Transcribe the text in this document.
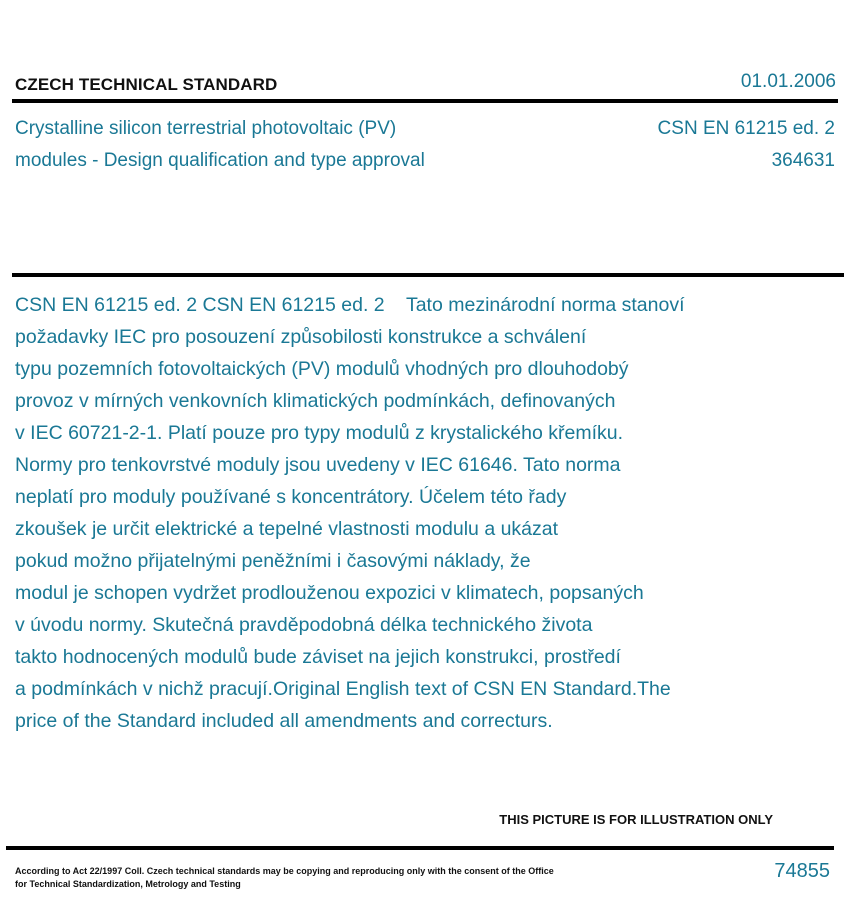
CZECH TECHNICAL STANDARD	01.01.2006
Crystalline silicon terrestrial photovoltaic (PV)
modules - Design qualification and type approval
CSN EN 61215 ed. 2
364631
CSN EN 61215 ed. 2 CSN EN 61215 ed. 2    Tato mezinárodní norma stanoví
požadavky IEC pro posouzení způsobilosti konstrukce a schválení
typu pozemních fotovoltaických (PV) modulů vhodných pro dlouhodobý
provoz v mírných venkovních klimatických podmínkách, definovaných
v IEC 60721-2-1. Platí pouze pro typy modulů z krystalického křemíku.
Normy pro tenkovrstvé moduly jsou uvedeny v IEC 61646. Tato norma
neplatí pro moduly používané s koncentrátory. Účelem této řady
zkoušek je určit elektrické a tepelné vlastnosti modulu a ukázat
pokud možno přijatelnými peněžními i časovými náklady, že
modul je schopen vydržet prodlouženou expozici v klimatech, popsaných
v úvodu normy. Skutečná pravděpodobná délka technického života
takto hodnocených modulů bude záviset na jejich konstrukci, prostředí
a podmínkách v nichž pracují.Original English text of CSN EN Standard.The
price of the Standard included all amendments and correcturs.
THIS PICTURE IS FOR ILLUSTRATION ONLY
According to Act 22/1997 Coll. Czech technical standards may be copying and reproducing only with the consent of the Office
for Technical Standardization, Metrology and Testing
74855
